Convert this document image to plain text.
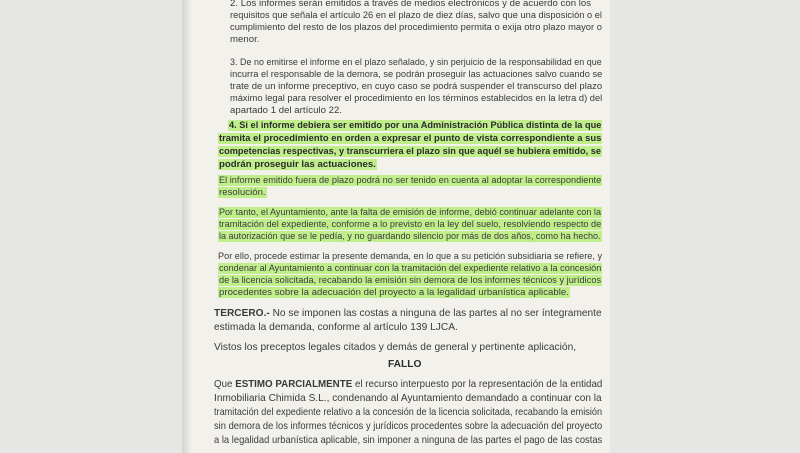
2. Los informes serán emitidos a través de medios electrónicos y de acuerdo con los
requisitos que señala el artículo 26 en el plazo de diez días, salvo que una disposición o el
cumplimiento del resto de los plazos del procedimiento permita o exija otro plazo mayor o
menor.
3. De no emitirse el informe en el plazo señalado, y sin perjuicio de la responsabilidad en que
incurra el responsable de la demora, se podrán proseguir las actuaciones salvo cuando se
trate de un informe preceptivo, en cuyo caso se podrá suspender el transcurso del plazo
máximo legal para resolver el procedimiento en los términos establecidos en la letra d) del
apartado 1 del artículo 22.
4. Si el informe debiera ser emitido por una Administración Pública distinta de la que
tramita el procedimiento en orden a expresar el punto de vista correspondiente a sus
competencias respectivas, y transcurriera el plazo sin que aquél se hubiera emitido, se
podrán proseguir las actuaciones.
El informe emitido fuera de plazo podrá no ser tenido en cuenta al adoptar la correspondiente
resolución.
Por tanto, el Ayuntamiento, ante la falta de emisión de informe, debió continuar adelante con la
tramitación del expediente, conforme a lo previsto en la ley del suelo, resolviendo respecto de
la autorización que se le pedía, y no guardando silencio por más de dos años, como ha hecho.
Por ello, procede estimar la presente demanda, en lo que a su petición subsidiaria se refiere, y
condenar al Ayuntamiento a continuar con la tramitación del expediente relativo a la concesión
de la licencia solicitada, recabando la emisión sin demora de los informes técnicos y jurídicos
procedentes sobre la adecuación del proyecto a la legalidad urbanística aplicable.
TERCERO.- No se imponen las costas a ninguna de las partes al no ser íntegramente
estimada la demanda, conforme al artículo 139 LJCA.
Vistos los preceptos legales citados y demás de general y pertinente aplicación,
FALLO
Que ESTIMO PARCIALMENTE el recurso interpuesto por la representación de la entidad
Inmobiliaria Chimida S.L., condenando al Ayuntamiento demandado a continuar con la
tramitación del expediente relativo a la concesión de la licencia solicitada, recabando la emisión
sin demora de los informes técnicos y jurídicos procedentes sobre la adecuación del proyecto
a la legalidad urbanística aplicable, sin imponer a ninguna de las partes el pago de las costas
